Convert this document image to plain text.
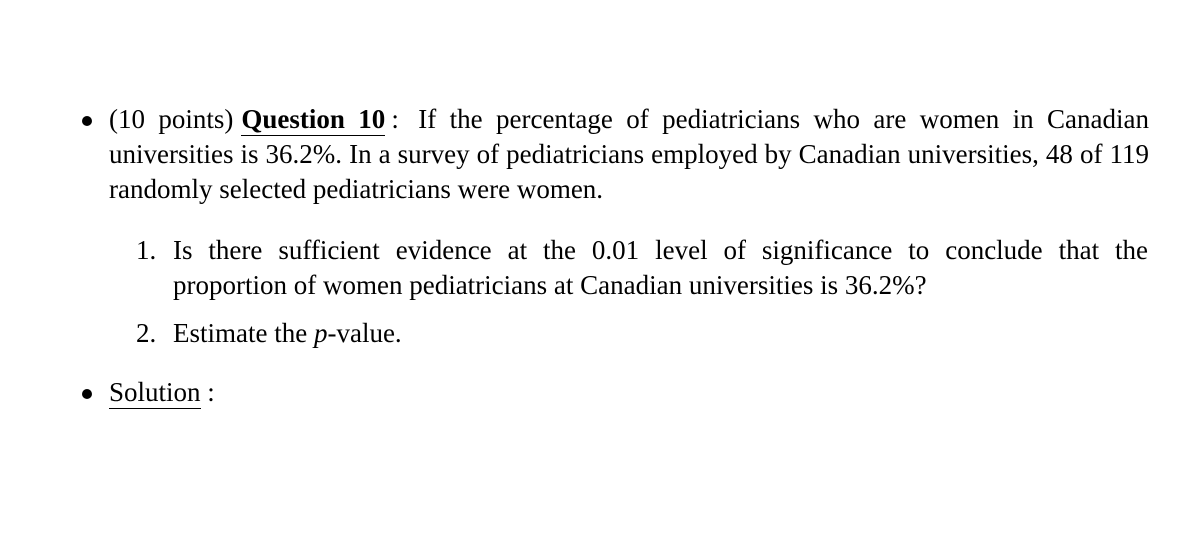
(10 points) Question 10 : If the percentage of pediatricians who are women in Canadian universities is 36.2%. In a survey of pediatricians employed by Canadian universities, 48 of 119 randomly selected pediatricians were women.
1. Is there sufficient evidence at the 0.01 level of significance to conclude that the proportion of women pediatricians at Canadian universities is 36.2%?
2. Estimate the p-value.
Solution :
